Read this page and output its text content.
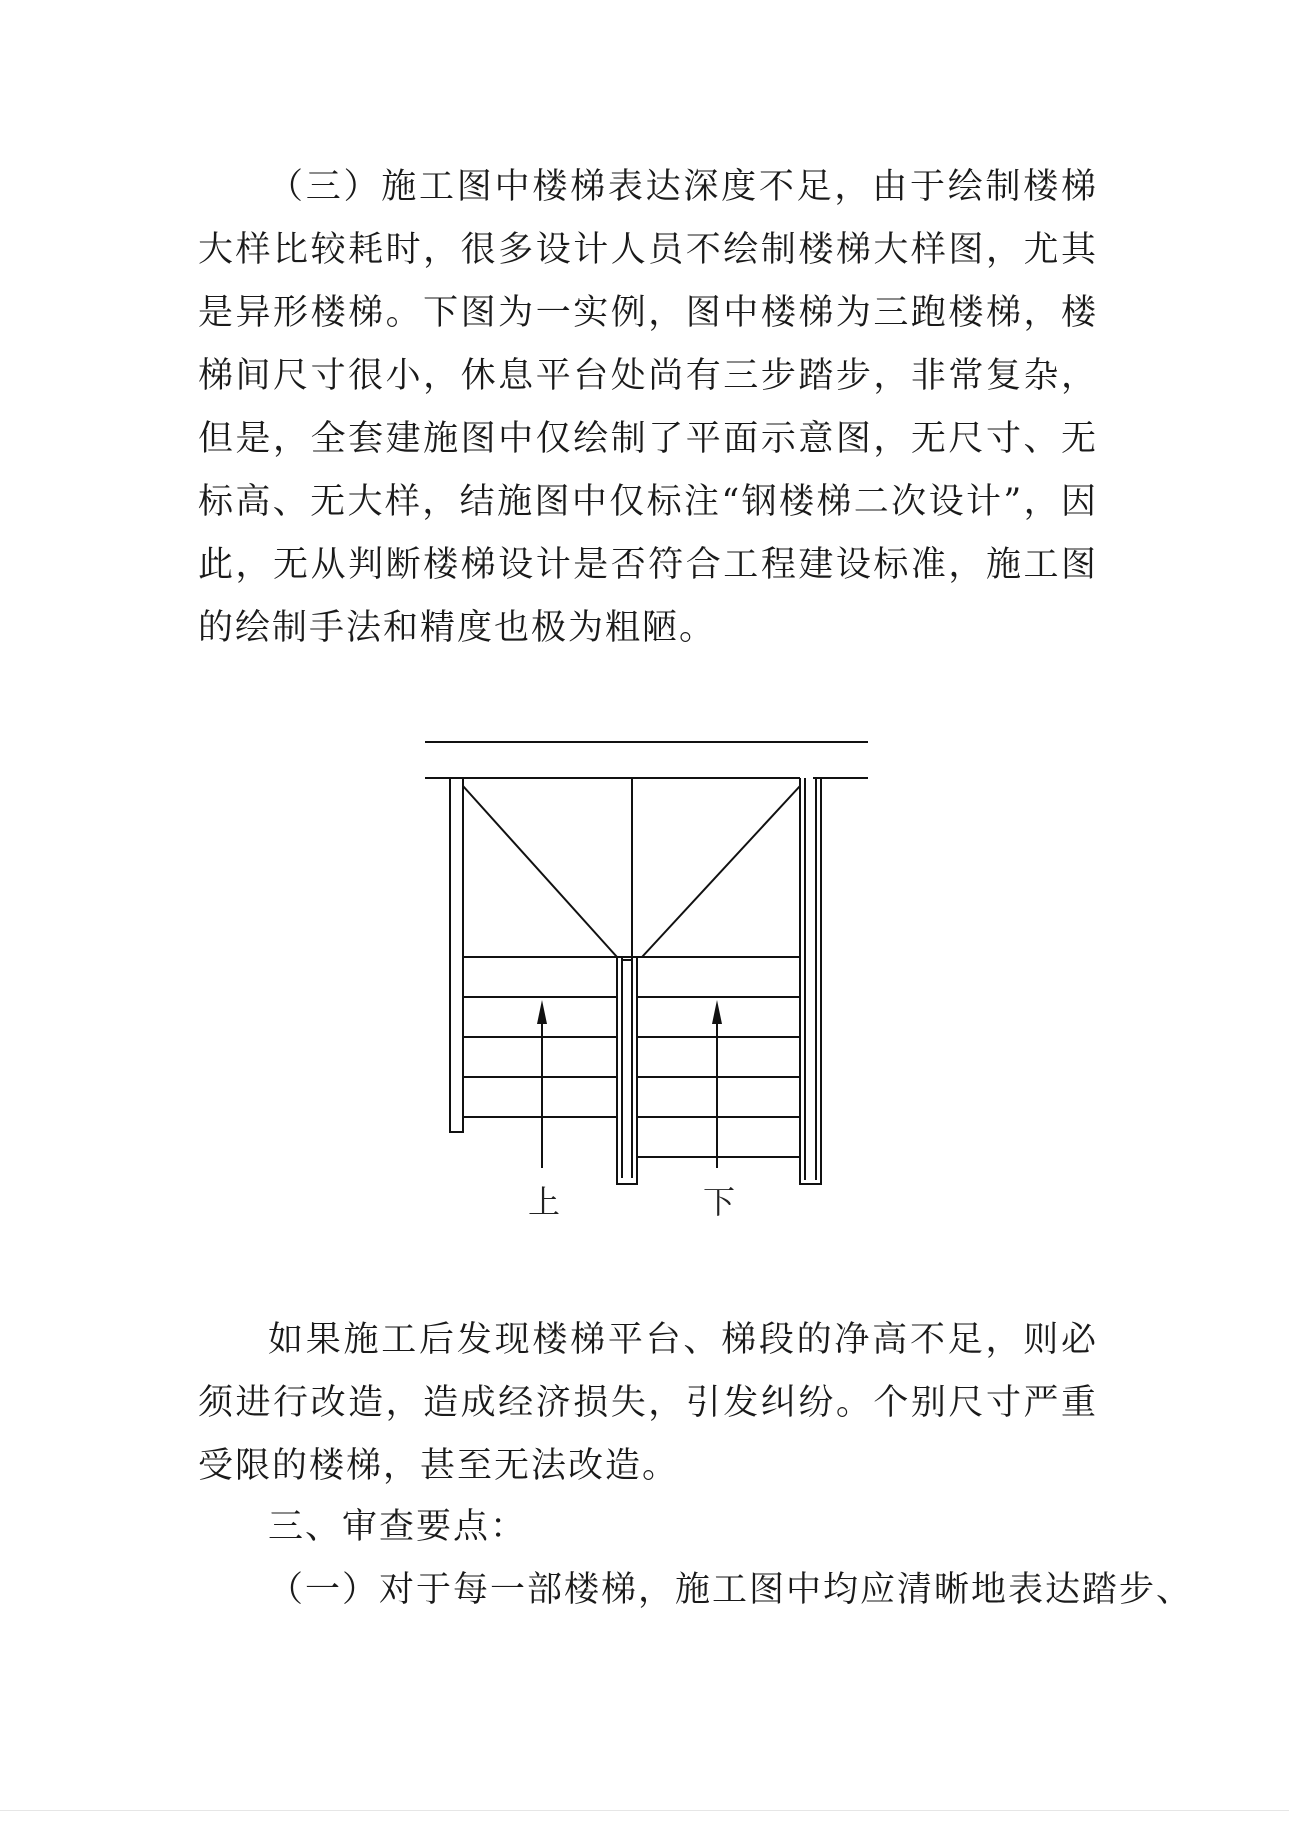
（三）施工图中楼梯表达深度不足，由于绘制楼梯大样比较耗时，很多设计人员不绘制楼梯大样图，尤其是异形楼梯。下图为一实例，图中楼梯为三跑楼梯，楼梯间尺寸很小，休息平台处尚有三步踏步，非常复杂，但是，全套建施图中仅绘制了平面示意图，无尺寸、无标高、无大样，结施图中仅标注“钢楼梯二次设计”，因此，无从判断楼梯设计是否符合工程建设标准，施工图的绘制手法和精度也极为粗陋。

上	下

如果施工后发现楼梯平台、梯段的净高不足，则必须进行改造，造成经济损失，引发纠纷。个别尺寸严重受限的楼梯，甚至无法改造。

三、审查要点：

（一）对于每一部楼梯，施工图中均应清晰地表达踏步、
